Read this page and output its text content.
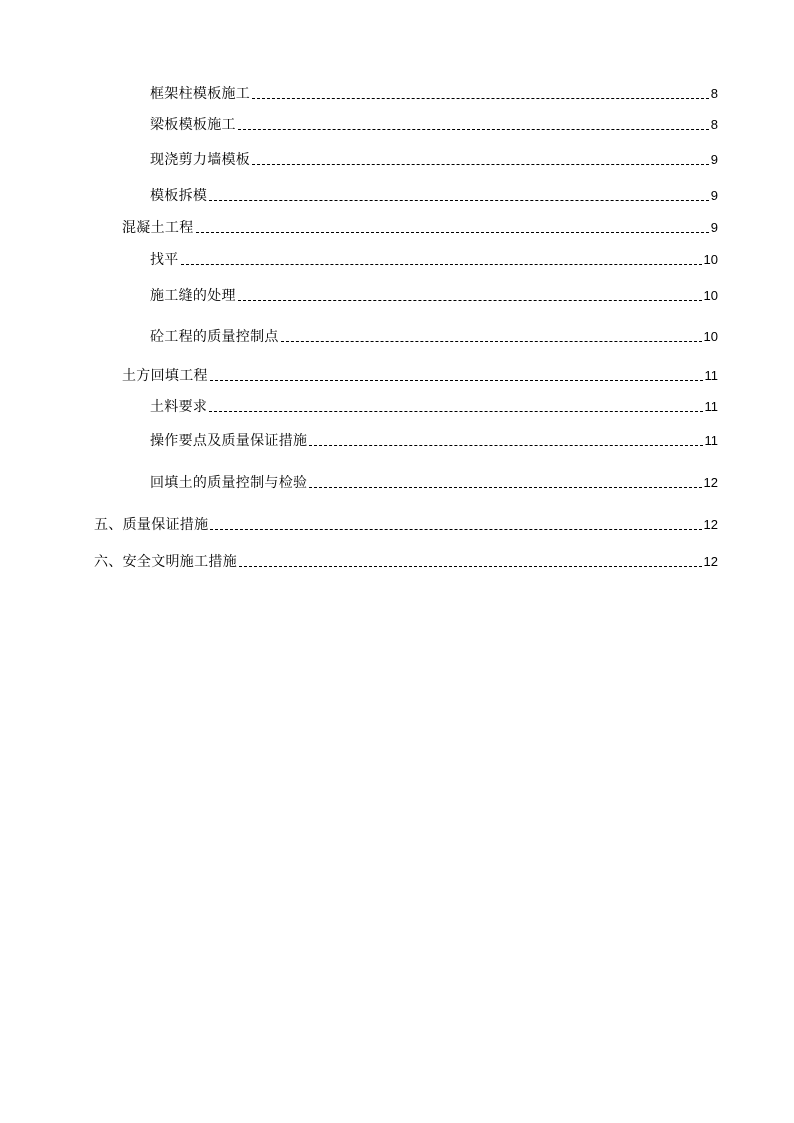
框架柱模板施工	8
梁板模板施工	8
现浇剪力墙模板	9
模板拆模	9
混凝土工程	9
找平	10
施工缝的处理	10
砼工程的质量控制点	10
土方回填工程	11
土料要求	11
操作要点及质量保证措施	11
回填土的质量控制与检验	12
五、质量保证措施	12
六、安全文明施工措施	12
